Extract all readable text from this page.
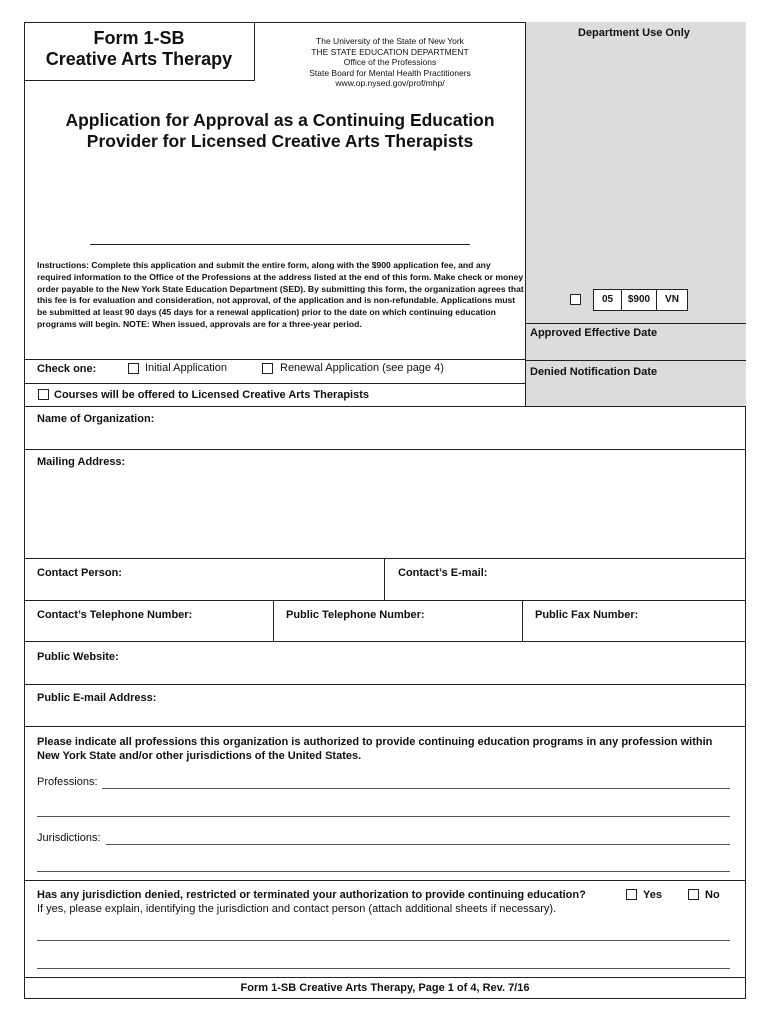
Department Use Only
05	$900	VN
Approved Effective Date
Denied Notification Date
Form 1-SB
Creative Arts Therapy
The University of the State of New York
THE STATE EDUCATION DEPARTMENT
Office of the Professions
State Board for Mental Health Practitioners
www.op.nysed.gov/prof/mhp/
Application for Approval as a Continuing Education
Provider for Licensed Creative Arts Therapists
Instructions: Complete this application and submit the entire form, along with the $900 application fee, and any required information to the Office of the Professions at the address listed at the end of this form. Make check or money order payable to the New York State Education Department (SED). By submitting this form, the organization agrees that this fee is for evaluation and consideration, not approval, of the application and is non-refundable. Applications must be submitted at least 90 days (45 days for a renewal application) prior to the date on which continuing education programs will begin. NOTE: When issued, approvals are for a three-year period.
Check one:	Initial Application	Renewal Application (see page 4)
Courses will be offered to Licensed Creative Arts Therapists
Name of Organization:
Mailing Address:
Contact Person:	Contact’s E-mail:
Contact’s Telephone Number:	Public Telephone Number:	Public Fax Number:
Public Website:
Public E-mail Address:
Please indicate all professions this organization is authorized to provide continuing education programs in any profession within New York State and/or other jurisdictions of the United States.
Professions:
Jurisdictions:
Has any jurisdiction denied, restricted or terminated your authorization to provide continuing education?	Yes	No
If yes, please explain, identifying the jurisdiction and contact person (attach additional sheets if necessary).
Form 1-SB Creative Arts Therapy, Page 1 of 4, Rev. 7/16
